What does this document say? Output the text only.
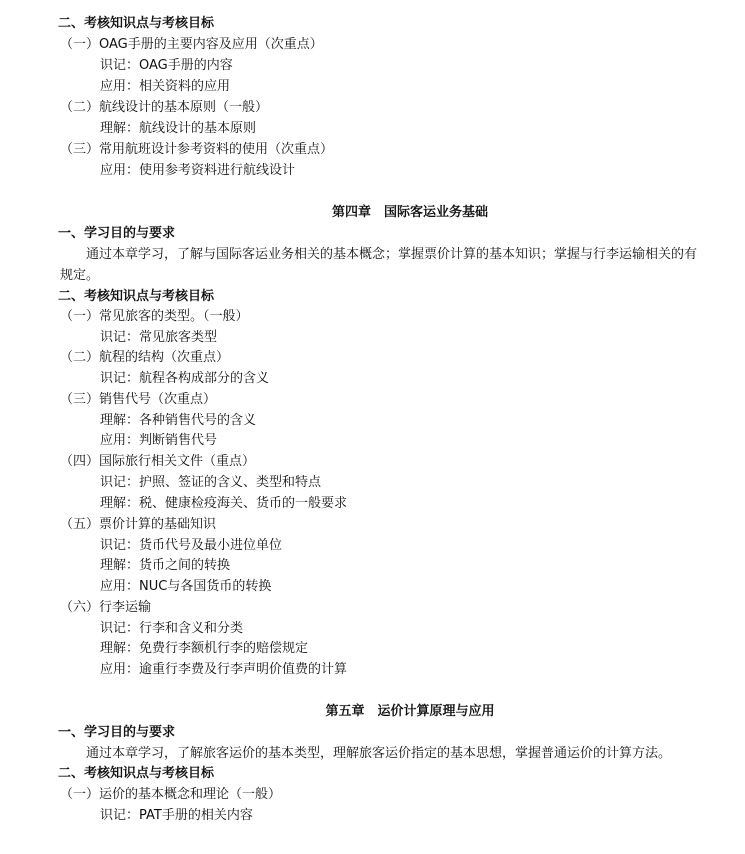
二、考核知识点与考核目标
（一）OAG手册的主要内容及应用（次重点）
识记：OAG手册的内容
应用：相关资料的应用
（二）航线设计的基本原则（一般）
理解：航线设计的基本原则
（三）常用航班设计参考资料的使用（次重点）
应用：使用参考资料进行航线设计
第四章　国际客运业务基础
一、学习目的与要求
通过本章学习，了解与国际客运业务相关的基本概念；掌握票价计算的基本知识；掌握与行李运输相关的有
规定。
二、考核知识点与考核目标
（一）常见旅客的类型。（一般）
识记：常见旅客类型
（二）航程的结构（次重点）
识记：航程各构成部分的含义
（三）销售代号（次重点）
理解：各种销售代号的含义
应用：判断销售代号
（四）国际旅行相关文件（重点）
识记：护照、签证的含义、类型和特点
理解：税、健康检疫海关、货币的一般要求
（五）票价计算的基础知识
识记：货币代号及最小进位单位
理解：货币之间的转换
应用：NUC与各国货币的转换
（六）行李运输
识记：行李和含义和分类
理解：免费行李额机行李的赔偿规定
应用：逾重行李费及行李声明价值费的计算
第五章　运价计算原理与应用
一、学习目的与要求
通过本章学习，了解旅客运价的基本类型，理解旅客运价指定的基本思想，掌握普通运价的计算方法。
二、考核知识点与考核目标
（一）运价的基本概念和理论（一般）
识记：PAT手册的相关内容
